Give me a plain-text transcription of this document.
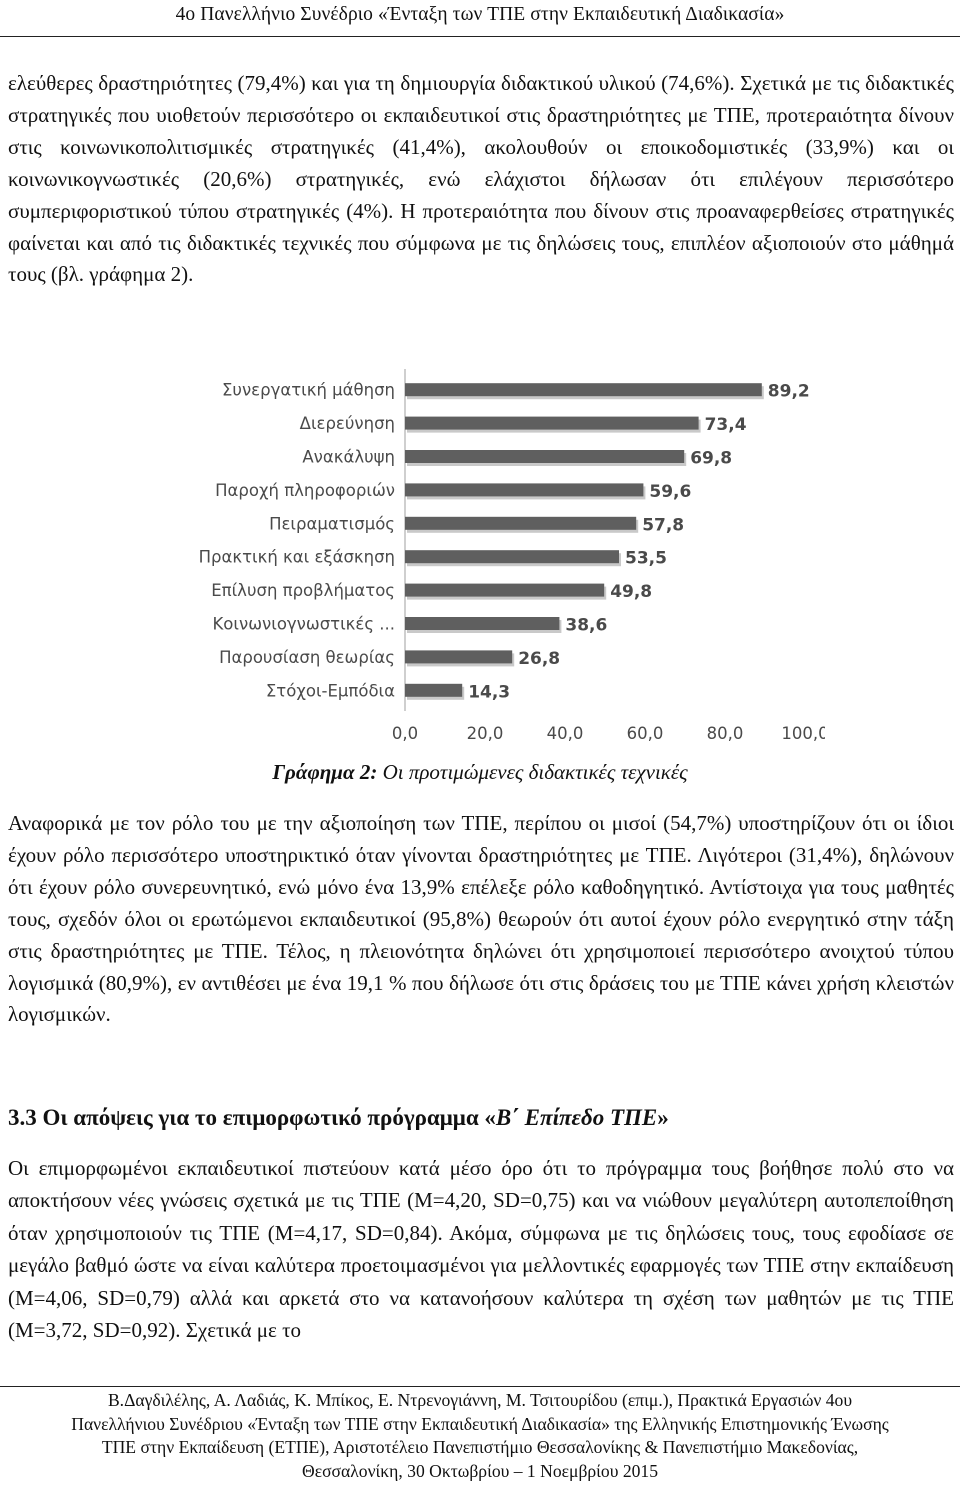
4ο Πανελλήνιο Συνέδριο «Ένταξη των ΤΠΕ στην Εκπαιδευτική Διαδικασία»

ελεύθερες δραστηριότητες (79,4%) και για τη δημιουργία διδακτικού υλικού (74,6%). Σχετικά με τις διδακτικές στρατηγικές που υιοθετούν περισσότερο οι εκπαιδευτικοί στις δραστηριότητες με ΤΠΕ, προτεραιότητα δίνουν στις κοινωνικοπολιτισμικές στρατηγικές (41,4%), ακολουθούν οι εποικοδομιστικές (33,9%) και οι κοινωνικογνωστικές (20,6%) στρατηγικές, ενώ ελάχιστοι δήλωσαν ότι επιλέγουν περισσότερο συμπεριφοριστικού τύπου στρατηγικές (4%). Η προτεραιότητα που δίνουν στις προαναφερθείσες στρατηγικές φαίνεται και από τις διδακτικές τεχνικές που σύμφωνα με τις δηλώσεις τους, επιπλέον αξιοποιούν στο μάθημά τους (βλ. γράφημα 2).

Συνεργατική μάθηση	89,2
Διερεύνηση	73,4
Ανακάλυψη	69,8
Παροχή πληροφοριών	59,6
Πειραματισμός	57,8
Πρακτική και εξάσκηση	53,5
Επίλυση προβλήματος	49,8
Κοινωνιογνωστικές ...	38,6
Παρουσίαση θεωρίας	26,8
Στόχοι-Εμπόδια	14,3
0,0	20,0	40,0	60,0	80,0 100,0
Γράφημα 2: Οι προτιμώμενες διδακτικές τεχνικές

Αναφορικά με τον ρόλο του με την αξιοποίηση των ΤΠΕ, περίπου οι μισοί (54,7%) υποστηρίζουν ότι οι ίδιοι έχουν ρόλο περισσότερο υποστηρικτικό όταν γίνονται δραστηριότητες με ΤΠΕ. Λιγότεροι (31,4%), δηλώνουν ότι έχουν ρόλο συνερευνητικό, ενώ μόνο ένα 13,9% επέλεξε ρόλο καθοδηγητικό. Αντίστοιχα για τους μαθητές τους, σχεδόν όλοι οι ερωτώμενοι εκπαιδευτικοί (95,8%) θεωρούν ότι αυτοί έχουν ρόλο ενεργητικό στην τάξη στις δραστηριότητες με ΤΠΕ. Τέλος, η πλειονότητα δηλώνει ότι χρησιμοποιεί περισσότερο ανοιχτού τύπου λογισμικά (80,9%), εν αντιθέσει με ένα 19,1 % που δήλωσε ότι στις δράσεις του με ΤΠΕ κάνει χρήση κλειστών λογισμικών.

3.3 Οι απόψεις για το επιμορφωτικό πρόγραμμα «Β΄ Επίπεδο ΤΠΕ»

Οι επιμορφωμένοι εκπαιδευτικοί πιστεύουν κατά μέσο όρο ότι το πρόγραμμα τους βοήθησε πολύ στο να αποκτήσουν νέες γνώσεις σχετικά με τις ΤΠΕ (M=4,20, SD=0,75) και να νιώθουν μεγαλύτερη αυτοπεποίθηση όταν χρησιμοποιούν τις ΤΠΕ (M=4,17, SD=0,84). Ακόμα, σύμφωνα με τις δηλώσεις τους, τους εφοδίασε σε μεγάλο βαθμό ώστε να είναι καλύτερα προετοιμασμένοι για μελλοντικές εφαρμογές των ΤΠΕ στην εκπαίδευση (M=4,06, SD=0,79) αλλά και αρκετά στο να κατανοήσουν καλύτερα τη σχέση των μαθητών με τις ΤΠΕ (M=3,72, SD=0,92). Σχετικά με το

Β.Δαγδιλέλης, Α. Λαδιάς, Κ. Μπίκος, Ε. Ντρενογιάννη, Μ. Τσιτουρίδου (επιμ.), Πρακτικά Εργασιών 4ου
Πανελλήνιου Συνέδριου «Ένταξη των ΤΠΕ στην Εκπαιδευτική Διαδικασία» της Ελληνικής Επιστημονικής Ένωσης
ΤΠΕ στην Εκπαίδευση (ΕΤΠΕ), Αριστοτέλειο Πανεπιστήμιο Θεσσαλονίκης & Πανεπιστήμιο Μακεδονίας,
Θεσσαλονίκη, 30 Οκτωβρίου – 1 Νοεμβρίου 2015
